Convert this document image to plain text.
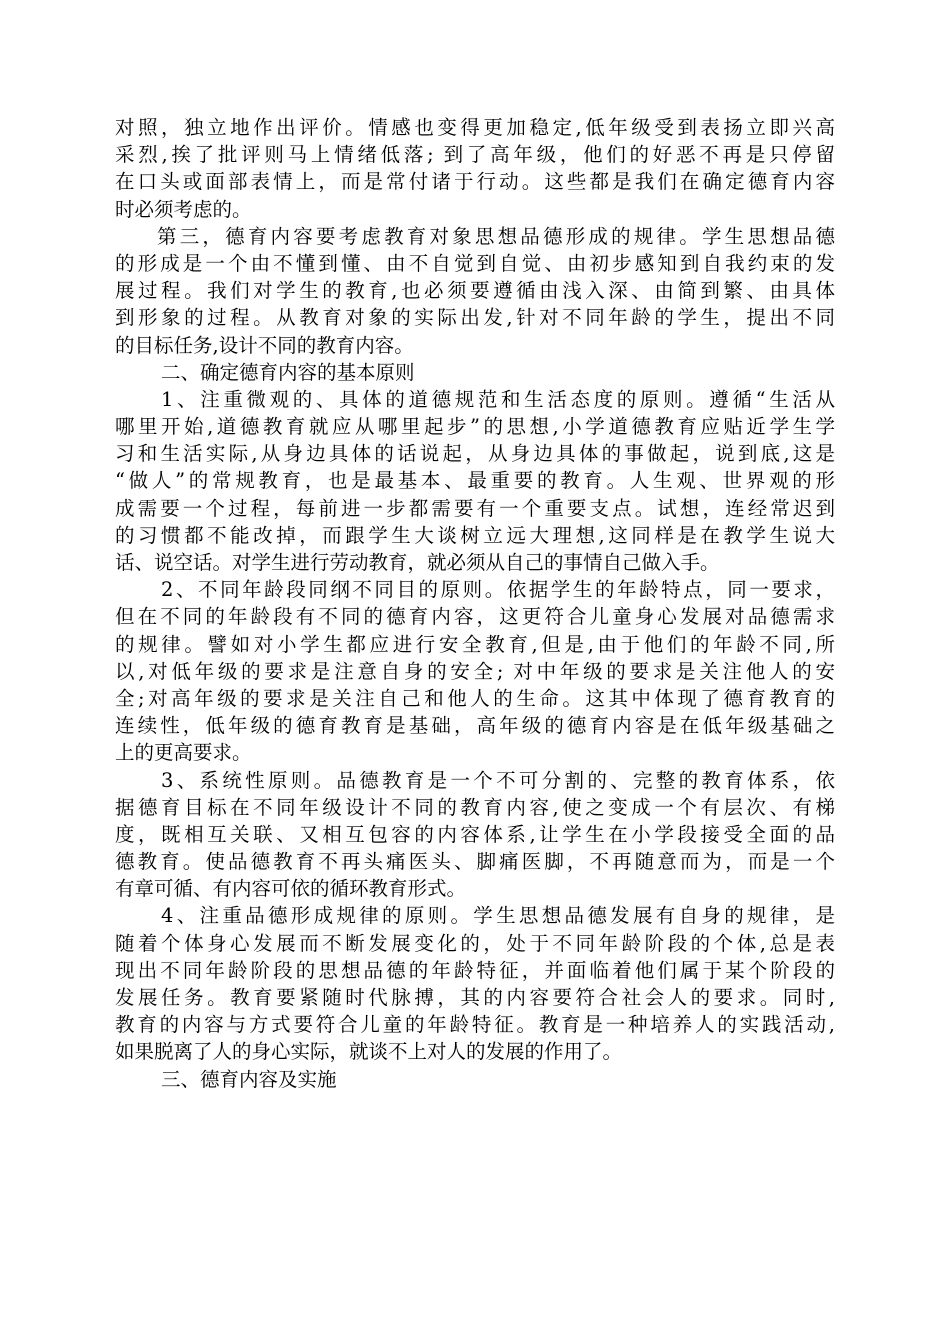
对照，独立地作出评价。情感也变得更加稳定,低年级受到表扬立即兴高
采烈,挨了批评则马上情绪低落; 到了高年级，他们的好恶不再是只停留
在口头或面部表情上，而是常付诸于行动。这些都是我们在确定德育内容
时必须考虑的。
第三，德育内容要考虑教育对象思想品德形成的规律。学生思想品德
的形成是一个由不懂到懂、由不自觉到自觉、由初步感知到自我约束的发
展过程。我们对学生的教育,也必须要遵循由浅入深、由简到繁、由具体
到形象的过程。从教育对象的实际出发,针对不同年龄的学生，提出不同
的目标任务,设计不同的教育内容。
二、确定德育内容的基本原则
1、注重微观的、具体的道德规范和生活态度的原则。遵循“生活从
哪里开始,道德教育就应从哪里起步”的思想,小学道德教育应贴近学生学
习和生活实际,从身边具体的话说起，从身边具体的事做起，说到底,这是
“做人”的常规教育，也是最基本、最重要的教育。人生观、世界观的形
成需要一个过程，每前进一步都需要有一个重要支点。试想，连经常迟到
的习惯都不能改掉，而跟学生大谈树立远大理想,这同样是在教学生说大
话、说空话。对学生进行劳动教育，就必须从自己的事情自己做入手。
2、不同年龄段同纲不同目的原则。依据学生的年龄特点，同一要求，
但在不同的年龄段有不同的德育内容，这更符合儿童身心发展对品德需求
的规律。譬如对小学生都应进行安全教育,但是,由于他们的年龄不同,所
以,对低年级的要求是注意自身的安全; 对中年级的要求是关注他人的安
全;对高年级的要求是关注自己和他人的生命。这其中体现了德育教育的
连续性，低年级的德育教育是基础，高年级的德育内容是在低年级基础之
上的更高要求。
3、系统性原则。品德教育是一个不可分割的、完整的教育体系，依
据德育目标在不同年级设计不同的教育内容,使之变成一个有层次、有梯
度，既相互关联、又相互包容的内容体系,让学生在小学段接受全面的品
德教育。使品德教育不再头痛医头、脚痛医脚，不再随意而为，而是一个
有章可循、有内容可依的循环教育形式。
4、注重品德形成规律的原则。学生思想品德发展有自身的规律，是
随着个体身心发展而不断发展变化的，处于不同年龄阶段的个体,总是表
现出不同年龄阶段的思想品德的年龄特征，并面临着他们属于某个阶段的
发展任务。教育要紧随时代脉搏，其的内容要符合社会人的要求。同时,
教育的内容与方式要符合儿童的年龄特征。教育是一种培养人的实践活动,
如果脱离了人的身心实际，就谈不上对人的发展的作用了。
三、德育内容及实施
